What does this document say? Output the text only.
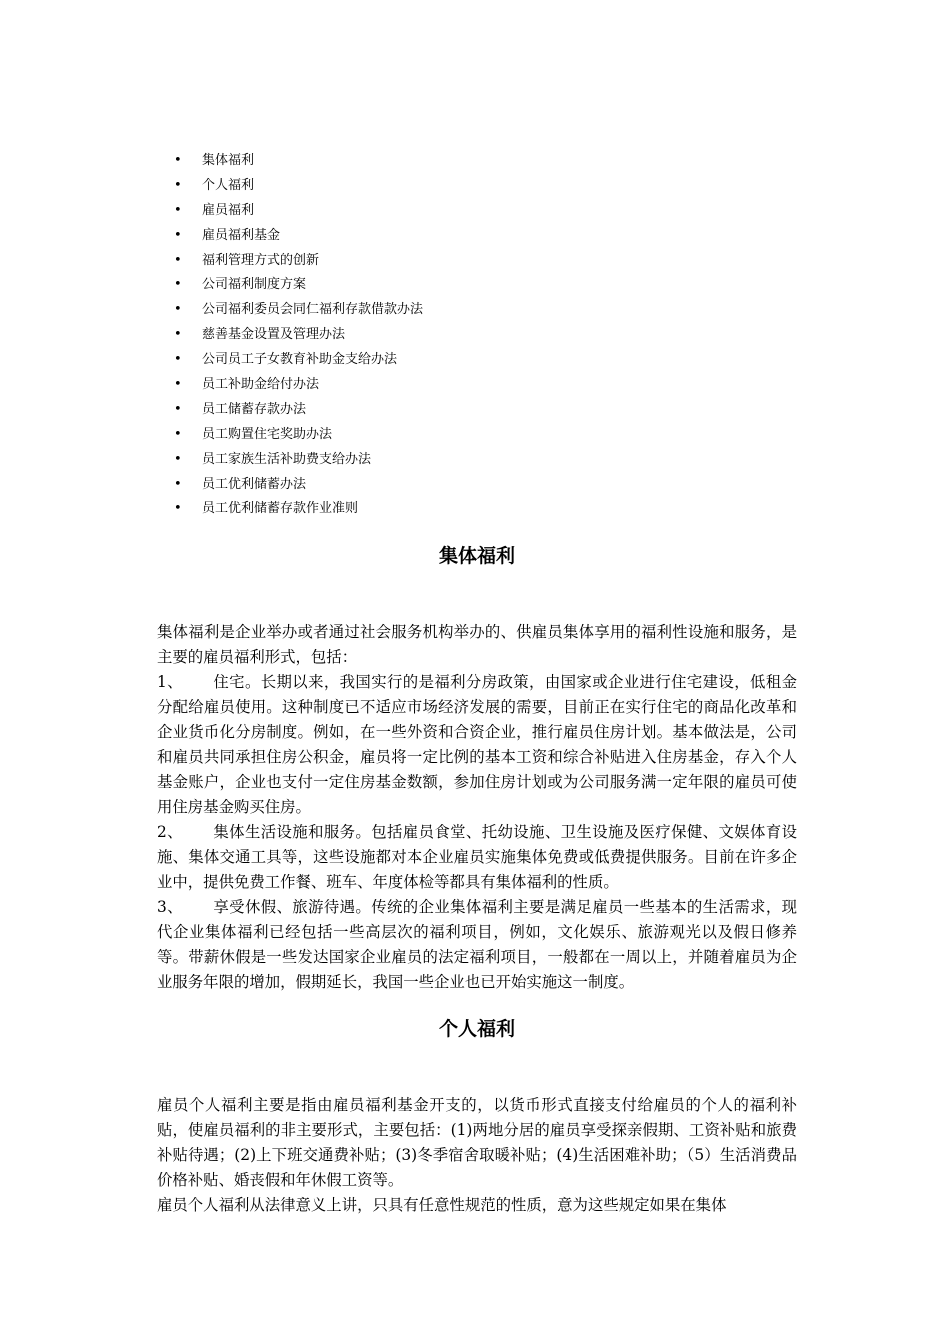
• 集体福利
• 个人福利
• 雇员福利
• 雇员福利基金
• 福利管理方式的创新
• 公司福利制度方案
• 公司福利委员会同仁福利存款借款办法
• 慈善基金设置及管理办法
• 公司员工子女教育补助金支给办法
• 员工补助金给付办法
• 员工储蓄存款办法
• 员工购置住宅奖助办法
• 员工家族生活补助费支给办法
• 员工优利储蓄办法
• 员工优利储蓄存款作业准则
集体福利

集体福利是企业举办或者通过社会服务机构举办的、供雇员集体享用的福利性设施和服务，是主要的雇员福利形式，包括：

1、 住宅。长期以来，我国实行的是福利分房政策，由国家或企业进行住宅建设，低租金分配给雇员使用。这种制度已不适应市场经济发展的需要，目前正在实行住宅的商品化改革和企业货币化分房制度。例如，在一些外资和合资企业，推行雇员住房计划。基本做法是，公司和雇员共同承担住房公积金，雇员将一定比例的基本工资和综合补贴进入住房基金，存入个人基金账户，企业也支付一定住房基金数额，参加住房计划或为公司服务满一定年限的雇员可使用住房基金购买住房。

2、 集体生活设施和服务。包括雇员食堂、托幼设施、卫生设施及医疗保健、文娱体育设施、集体交通工具等，这些设施都对本企业雇员实施集体免费或低费提供服务。目前在许多企业中，提供免费工作餐、班车、年度体检等都具有集体福利的性质。

3、 享受休假、旅游待遇。传统的企业集体福利主要是满足雇员一些基本的生活需求，现代企业集体福利已经包括一些高层次的福利项目，例如，文化娱乐、旅游观光以及假日修养等。带薪休假是一些发达国家企业雇员的法定福利项目，一般都在一周以上，并随着雇员为企业服务年限的增加，假期延长，我国一些企业也已开始实施这一制度。

个人福利

雇员个人福利主要是指由雇员福利基金开支的，以货币形式直接支付给雇员的个人的福利补贴，使雇员福利的非主要形式，主要包括：(1)两地分居的雇员享受探亲假期、工资补贴和旅费补贴待遇；(2)上下班交通费补贴；(3)冬季宿舍取暖补贴；(4)生活困难补助；（5）生活消费品价格补贴、婚丧假和年休假工资等。

雇员个人福利从法律意义上讲，只具有任意性规范的性质，意为这些规定如果在集体
